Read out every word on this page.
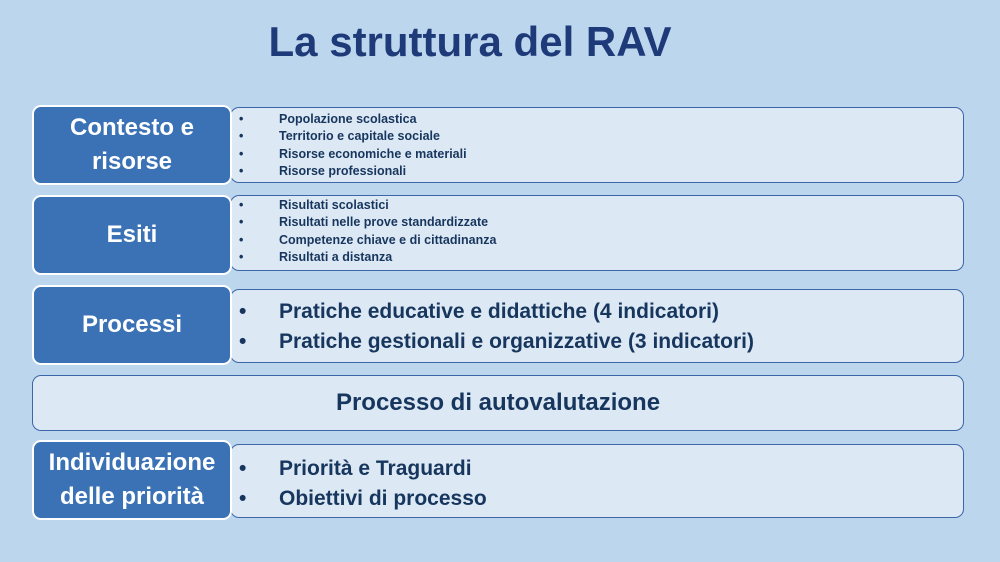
La struttura del RAV
Contesto e risorse
• Popolazione scolastica
• Territorio e capitale sociale
• Risorse economiche e materiali
• Risorse professionali
Esiti
• Risultati scolastici
• Risultati nelle prove standardizzate
• Competenze chiave e di cittadinanza
• Risultati a distanza
Processi
•	Pratiche educative e didattiche (4 indicatori)
• Pratiche gestionali e organizzative (3 indicatori)
Processo di autovalutazione
Individuazione delle priorità
• Priorità e Traguardi
• Obiettivi di processo
